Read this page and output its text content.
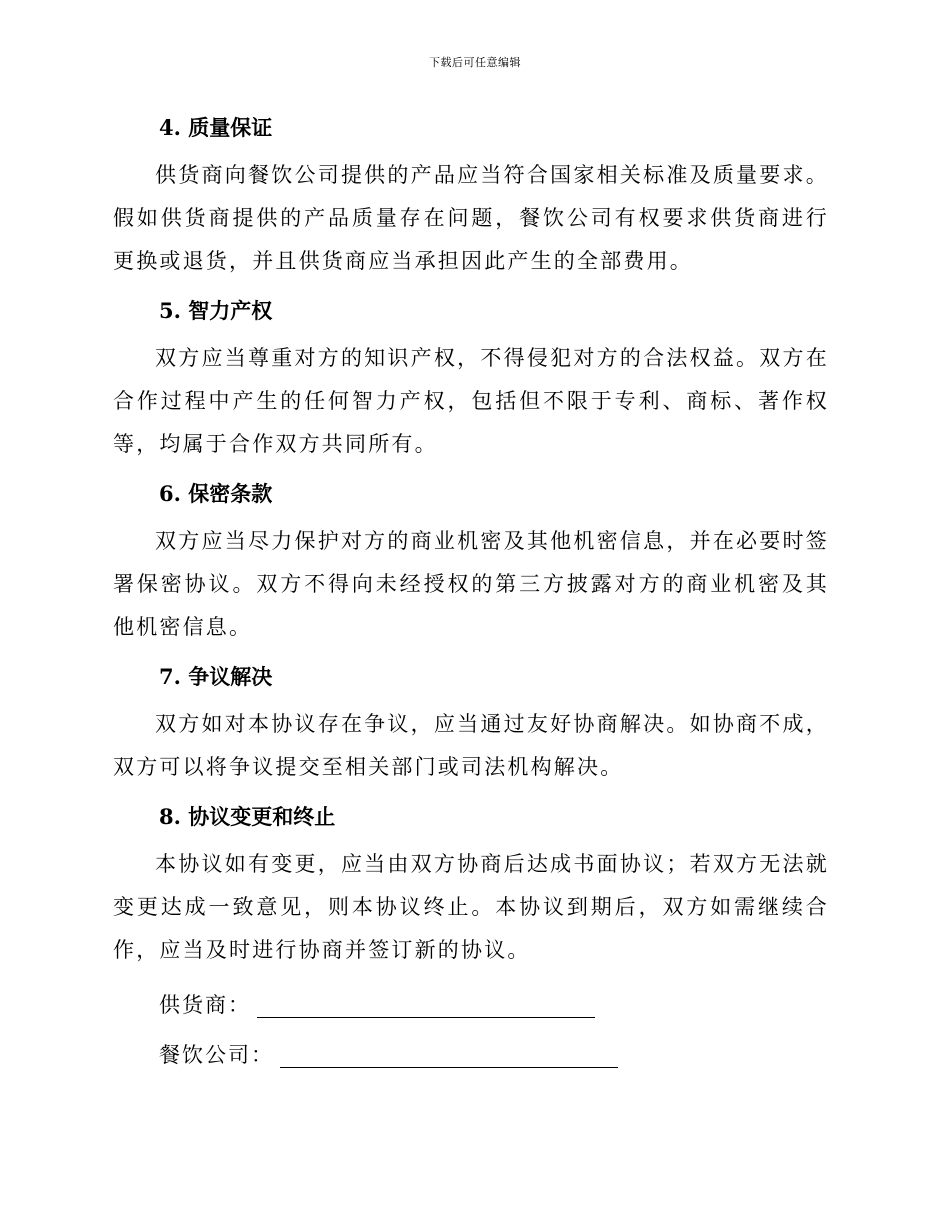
下载后可任意编辑
4. 质量保证

供货商向餐饮公司提供的产品应当符合国家相关标准及质量要求。假如供货商提供的产品质量存在问题，餐饮公司有权要求供货商进行更换或退货，并且供货商应当承担因此产生的全部费用。

5. 智力产权

双方应当尊重对方的知识产权，不得侵犯对方的合法权益。双方在合作过程中产生的任何智力产权，包括但不限于专利、商标、著作权等，均属于合作双方共同所有。

6. 保密条款

双方应当尽力保护对方的商业机密及其他机密信息，并在必要时签署保密协议。双方不得向未经授权的第三方披露对方的商业机密及其他机密信息。

7. 争议解决

双方如对本协议存在争议，应当通过友好协商解决。如协商不成，双方可以将争议提交至相关部门或司法机构解决。

8. 协议变更和终止

本协议如有变更，应当由双方协商后达成书面协议；若双方无法就变更达成一致意见，则本协议终止。本协议到期后，双方如需继续合作，应当及时进行协商并签订新的协议。

供货商：
餐饮公司：
